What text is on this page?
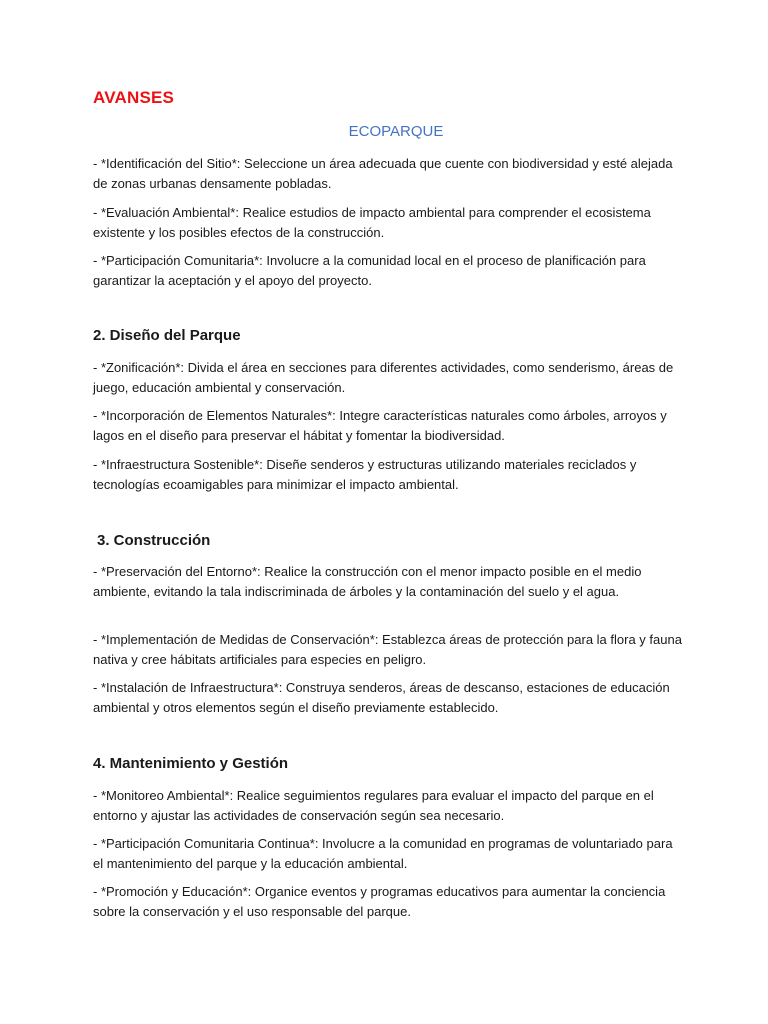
AVANSES
ECOPARQUE

- *Identificación del Sitio*: Seleccione un área adecuada que cuente con biodiversidad y esté alejada de zonas urbanas densamente pobladas.

- *Evaluación Ambiental*: Realice estudios de impacto ambiental para comprender el ecosistema existente y los posibles efectos de la construcción.

- *Participación Comunitaria*: Involucre a la comunidad local en el proceso de planificación para garantizar la aceptación y el apoyo del proyecto.

2. Diseño del Parque

- *Zonificación*: Divida el área en secciones para diferentes actividades, como senderismo, áreas de juego, educación ambiental y conservación.

- *Incorporación de Elementos Naturales*: Integre características naturales como árboles, arroyos y lagos en el diseño para preservar el hábitat y fomentar la biodiversidad.

- *Infraestructura Sostenible*: Diseñe senderos y estructuras utilizando materiales reciclados y tecnologías ecoamigables para minimizar el impacto ambiental.

3. Construcción

- *Preservación del Entorno*: Realice la construcción con el menor impacto posible en el medio ambiente, evitando la tala indiscriminada de árboles y la contaminación del suelo y el agua.

- *Implementación de Medidas de Conservación*: Establezca áreas de protección para la flora y fauna nativa y cree hábitats artificiales para especies en peligro.

- *Instalación de Infraestructura*: Construya senderos, áreas de descanso, estaciones de educación ambiental y otros elementos según el diseño previamente establecido.

4. Mantenimiento y Gestión

- *Monitoreo Ambiental*: Realice seguimientos regulares para evaluar el impacto del parque en el entorno y ajustar las actividades de conservación según sea necesario.

- *Participación Comunitaria Continua*: Involucre a la comunidad en programas de voluntariado para el mantenimiento del parque y la educación ambiental.

- *Promoción y Educación*: Organice eventos y programas educativos para aumentar la conciencia sobre la conservación y el uso responsable del parque.
